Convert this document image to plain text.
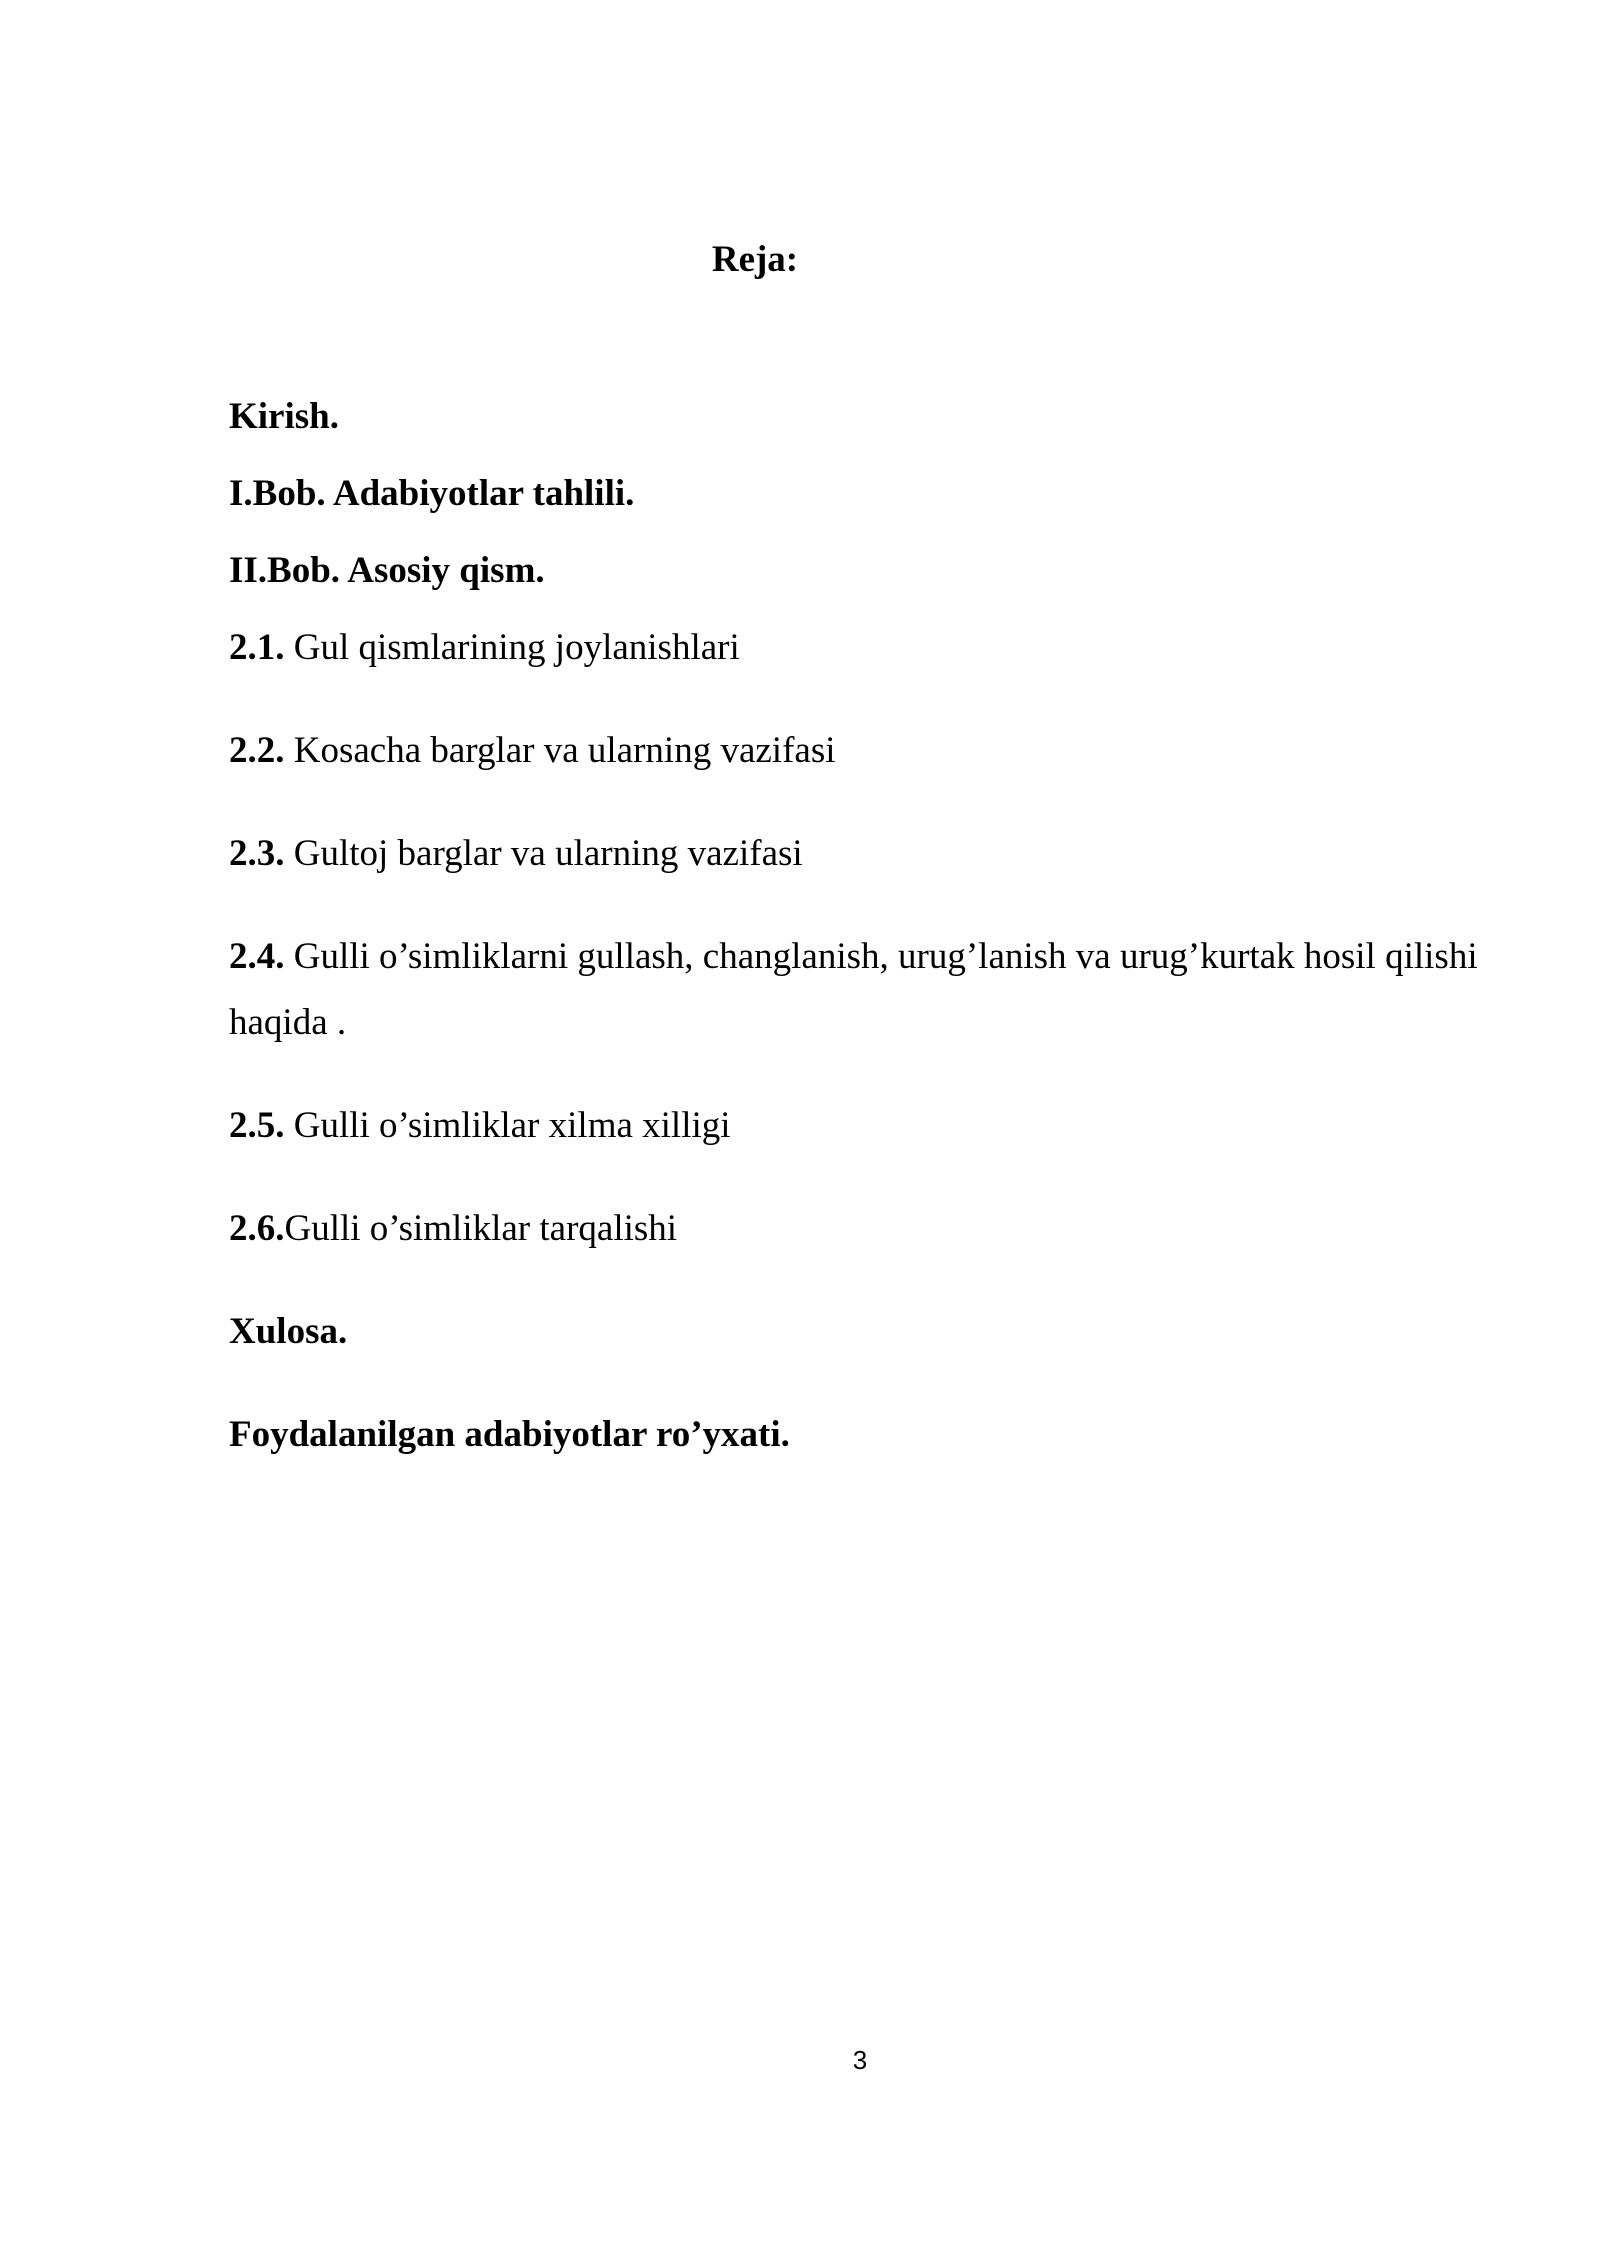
Reja:
Kirish.
I.Bob. Adabiyotlar tahlili.
II.Bob. Asosiy qism.
2.1. Gul qismlarining joylanishlari
2.2. Kosacha barglar va ularning vazifasi
2.3. Gultoj barglar va ularning vazifasi
2.4. Gulli o’simliklarni gullash, changlanish, urug’lanish va urug’kurtak hosil qilishi haqida .
2.5. Gulli o’simliklar xilma xilligi
2.6.Gulli o’simliklar tarqalishi
Xulosa.
Foydalanilgan adabiyotlar ro’yxati.

3
